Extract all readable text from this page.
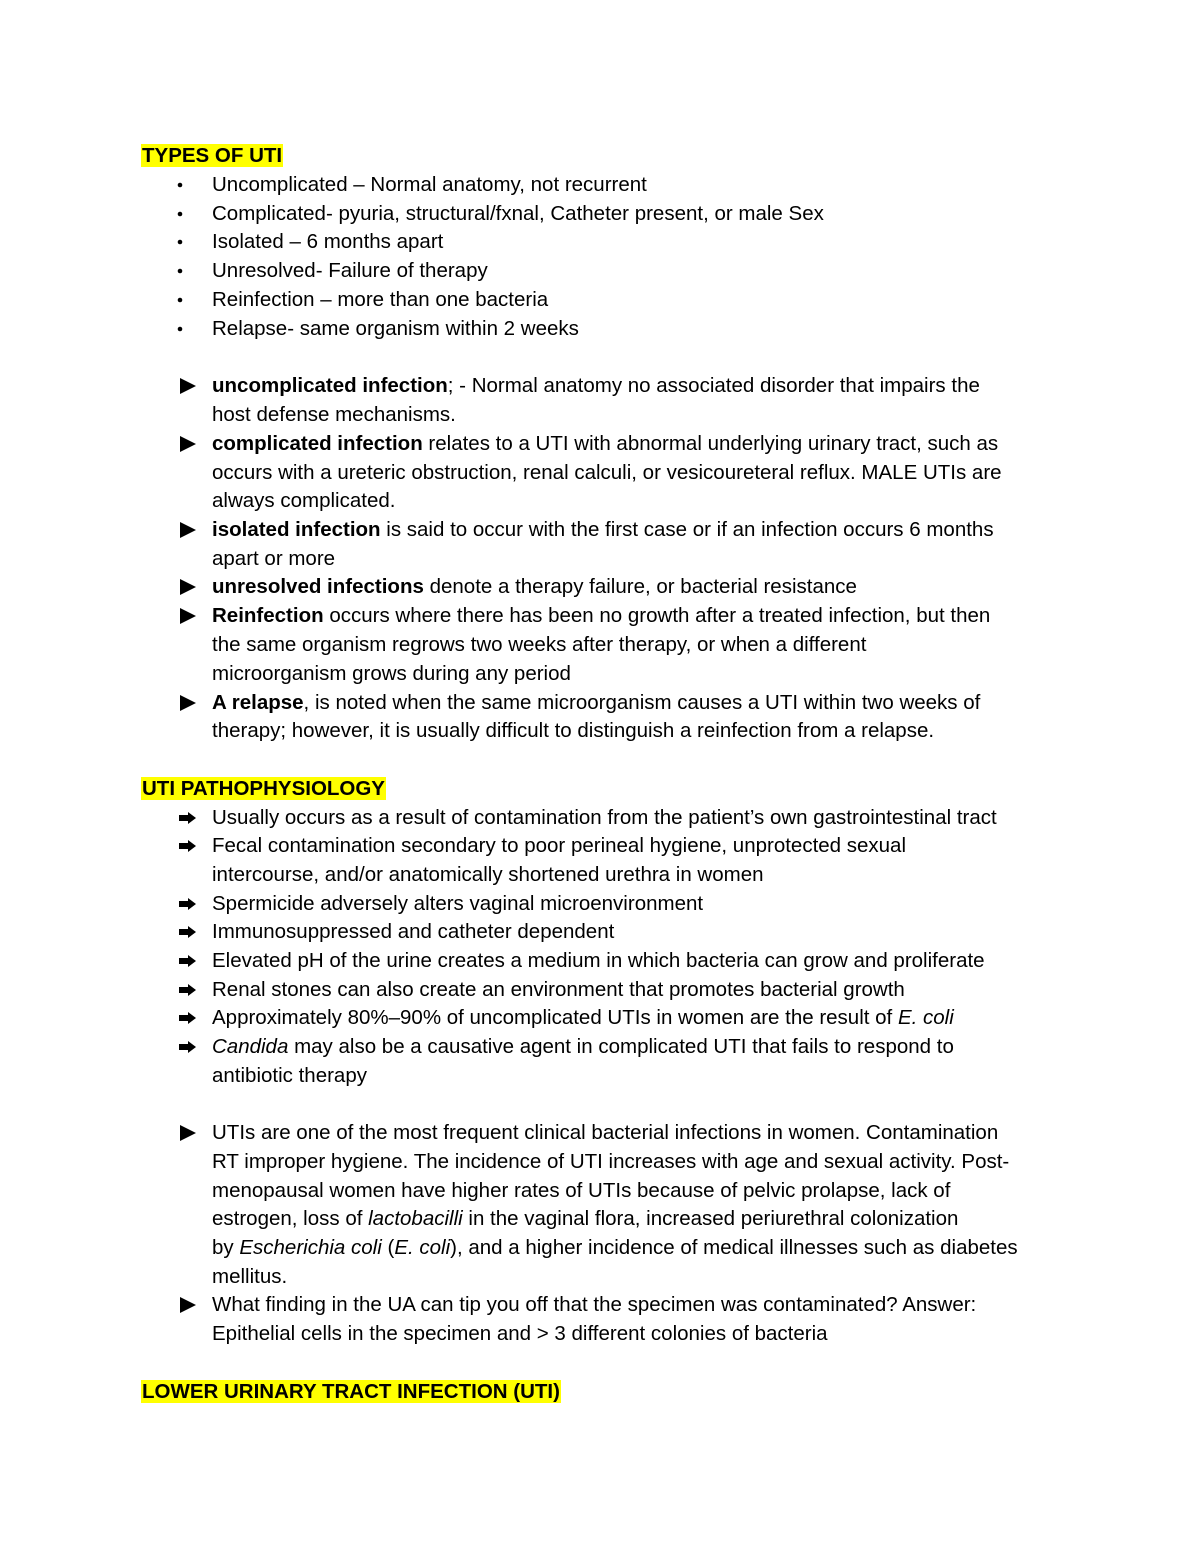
TYPES OF UTI
Uncomplicated – Normal anatomy, not recurrent
Complicated- pyuria, structural/fxnal, Catheter present, or male Sex
Isolated – 6 months apart
Unresolved- Failure of therapy
Reinfection – more than one bacteria
Relapse- same organism within 2 weeks
uncomplicated infection; - Normal anatomy no associated disorder that impairs the
host defense mechanisms.
complicated infection relates to a UTI with abnormal underlying urinary tract, such as
occurs with a ureteric obstruction, renal calculi, or vesicoureteral reflux. MALE UTIs are
always complicated.
isolated infection is said to occur with the first case or if an infection occurs 6 months
apart or more
unresolved infections denote a therapy failure, or bacterial resistance
Reinfection occurs where there has been no growth after a treated infection, but then
the same organism regrows two weeks after therapy, or when a different
microorganism grows during any period
A relapse, is noted when the same microorganism causes a UTI within two weeks of
therapy; however, it is usually difficult to distinguish a reinfection from a relapse.
UTI PATHOPHYSIOLOGY
Usually occurs as a result of contamination from the patient’s own gastrointestinal tract
Fecal contamination secondary to poor perineal hygiene, unprotected sexual
intercourse, and/or anatomically shortened urethra in women
Spermicide adversely alters vaginal microenvironment
Immunosuppressed and catheter dependent
Elevated pH of the urine creates a medium in which bacteria can grow and proliferate
Renal stones can also create an environment that promotes bacterial growth
Approximately 80%–90% of uncomplicated UTIs in women are the result of E. coli
Candida may also be a causative agent in complicated UTI that fails to respond to
antibiotic therapy
UTIs are one of the most frequent clinical bacterial infections in women. Contamination
RT improper hygiene. The incidence of UTI increases with age and sexual activity. Post-
menopausal women have higher rates of UTIs because of pelvic prolapse, lack of
estrogen, loss of lactobacilli in the vaginal flora, increased periurethral colonization
by Escherichia coli (E. coli), and a higher incidence of medical illnesses such as diabetes
mellitus.
What finding in the UA can tip you off that the specimen was contaminated? Answer:
Epithelial cells in the specimen and > 3 different colonies of bacteria
LOWER URINARY TRACT INFECTION (UTI)
